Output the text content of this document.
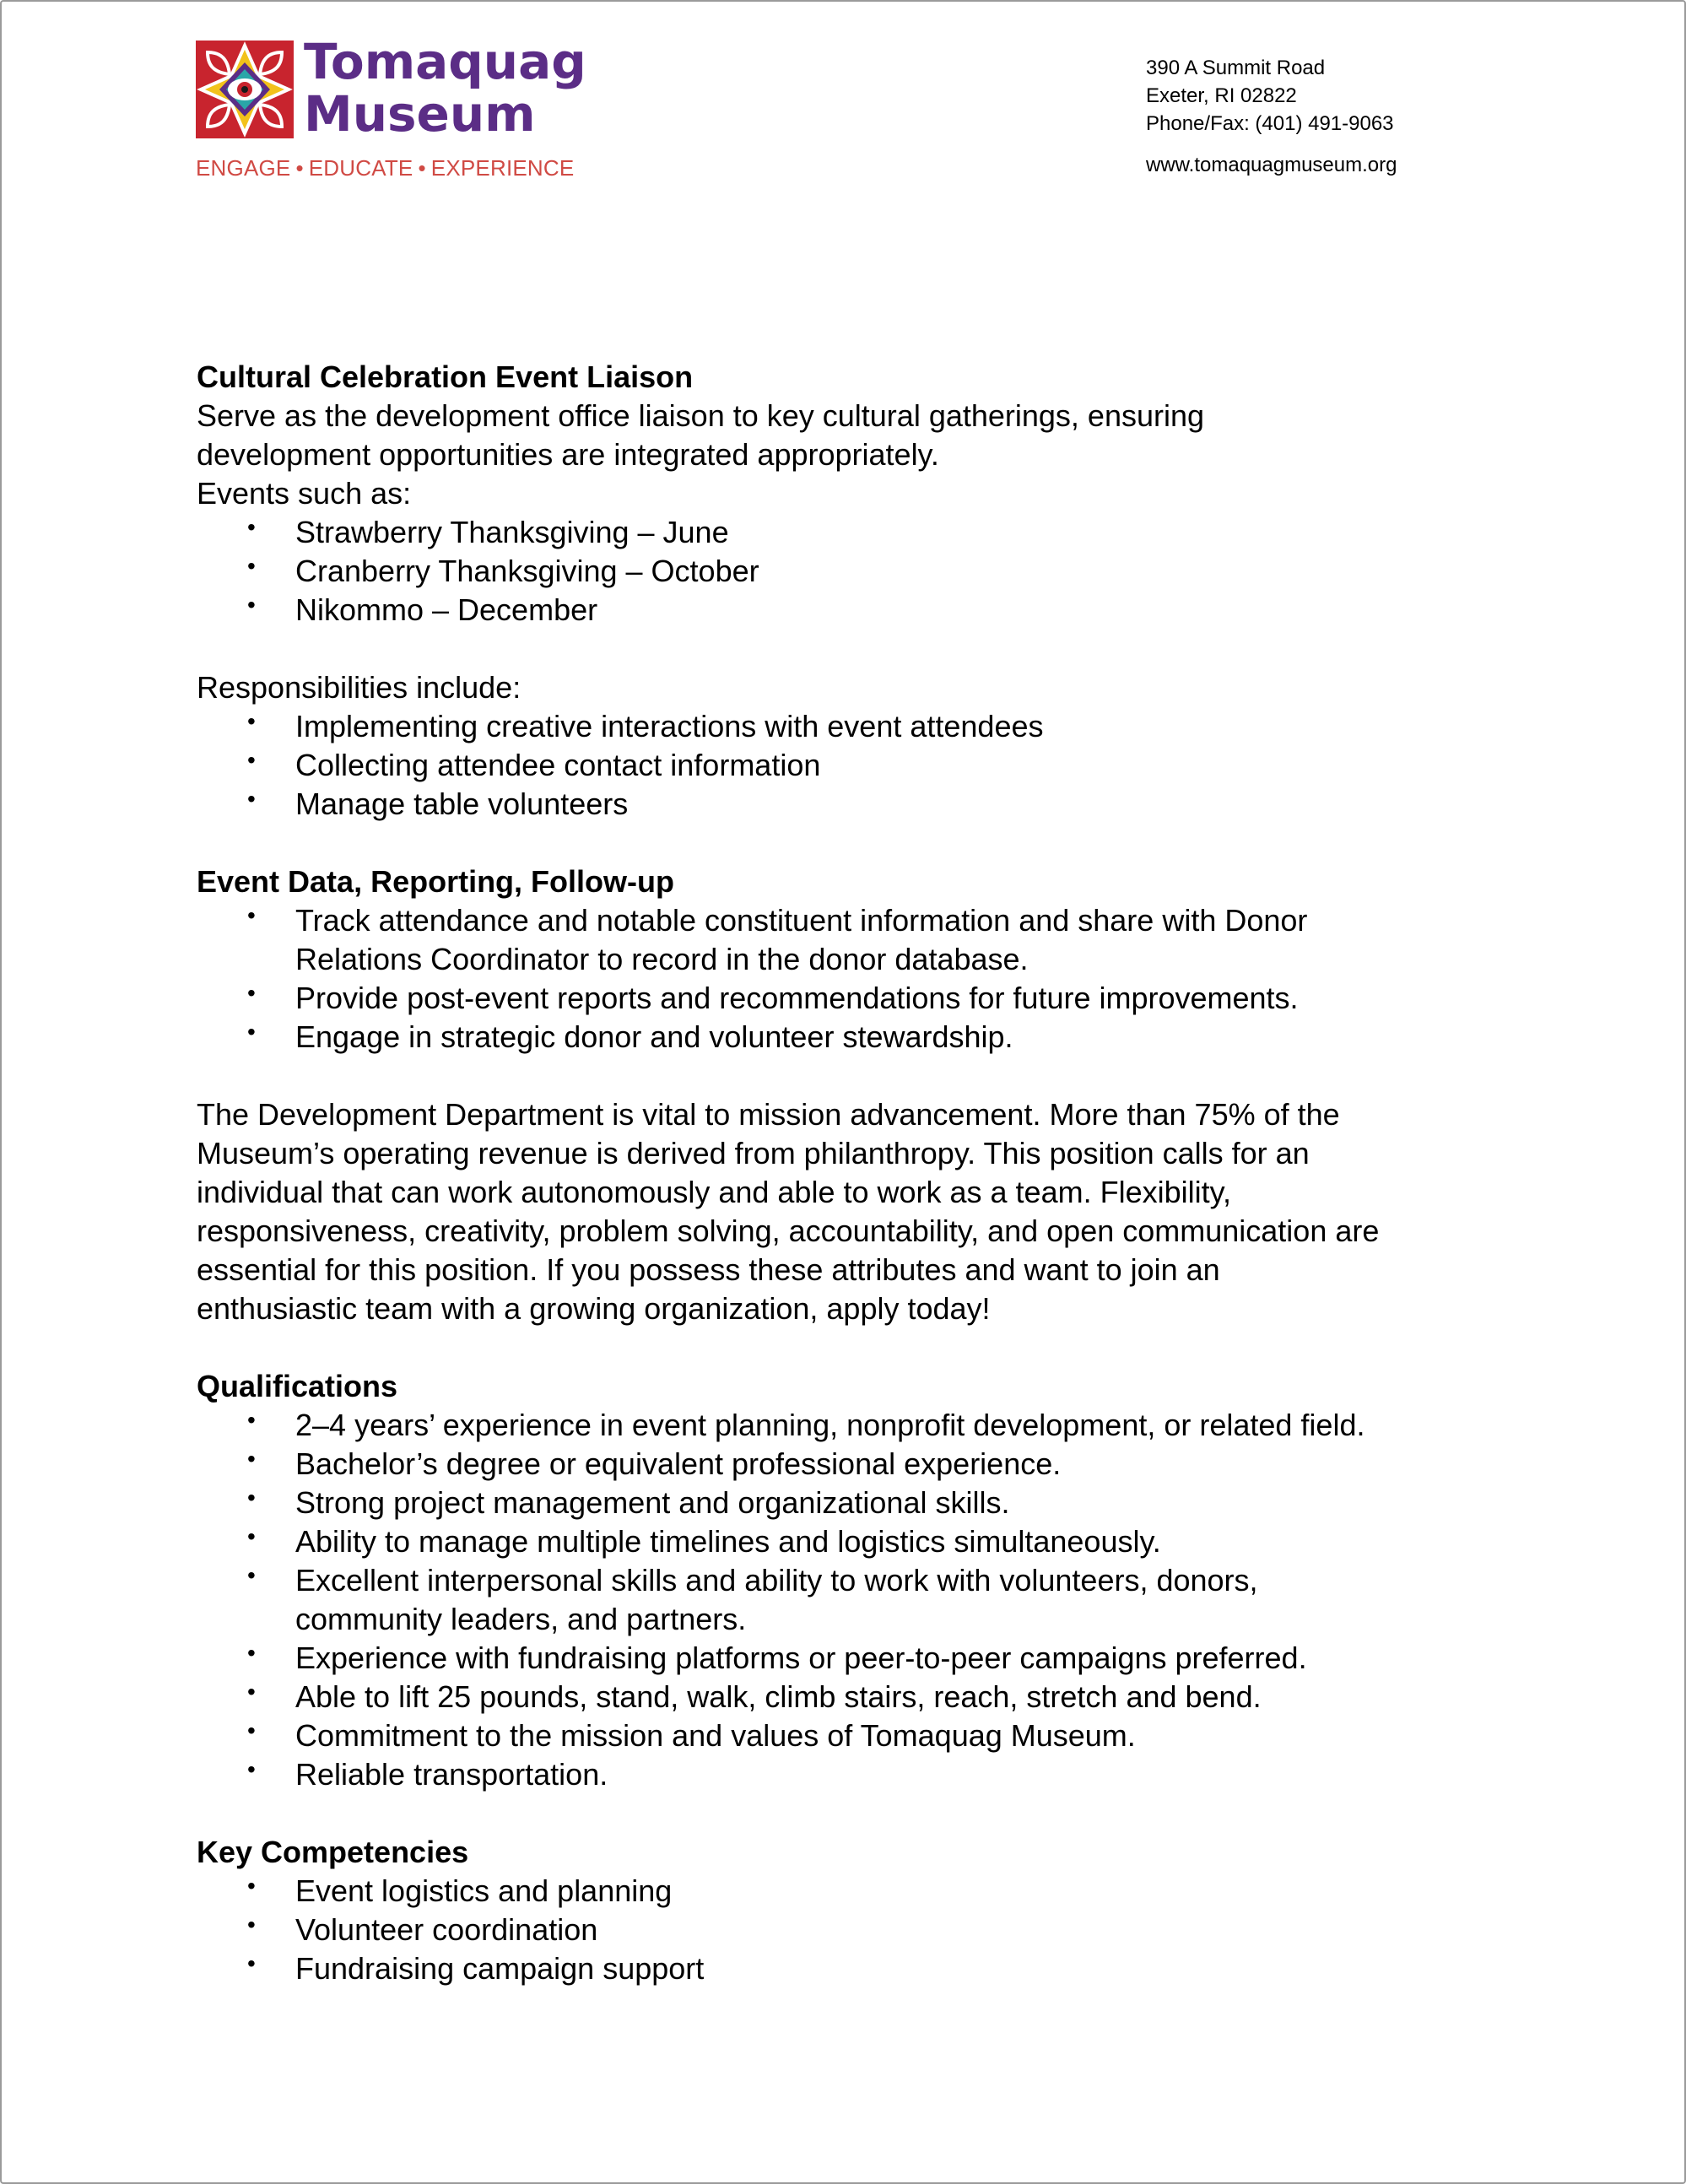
Tomaquag
Museum
ENGAGE • EDUCATE • EXPERIENCE
390 A Summit Road
Exeter, RI 02822
Phone/Fax: (401) 491-9063
www.tomaquagmuseum.org
Cultural Celebration Event Liaison
Serve as the development office liaison to key cultural gatherings, ensuring
development opportunities are integrated appropriately.
Events such as:
• Strawberry Thanksgiving – June
• Cranberry Thanksgiving – October
• Nikommo – December
Responsibilities include:
• Implementing creative interactions with event attendees
• Collecting attendee contact information
• Manage table volunteers
Event Data, Reporting, Follow-up
• Track attendance and notable constituent information and share with Donor
Relations Coordinator to record in the donor database.
• Provide post-event reports and recommendations for future improvements.
• Engage in strategic donor and volunteer stewardship.
The Development Department is vital to mission advancement. More than 75% of the
Museum’s operating revenue is derived from philanthropy. This position calls for an
individual that can work autonomously and able to work as a team. Flexibility,
responsiveness, creativity, problem solving, accountability, and open communication are
essential for this position. If you possess these attributes and want to join an
enthusiastic team with a growing organization, apply today!
Qualifications
• 2–4 years’ experience in event planning, nonprofit development, or related field.
• Bachelor’s degree or equivalent professional experience.
• Strong project management and organizational skills.
• Ability to manage multiple timelines and logistics simultaneously.
• Excellent interpersonal skills and ability to work with volunteers, donors,
community leaders, and partners.
• Experience with fundraising platforms or peer-to-peer campaigns preferred.
• Able to lift 25 pounds, stand, walk, climb stairs, reach, stretch and bend.
• Commitment to the mission and values of Tomaquag Museum.
• Reliable transportation.
Key Competencies
• Event logistics and planning
• Volunteer coordination
• Fundraising campaign support
